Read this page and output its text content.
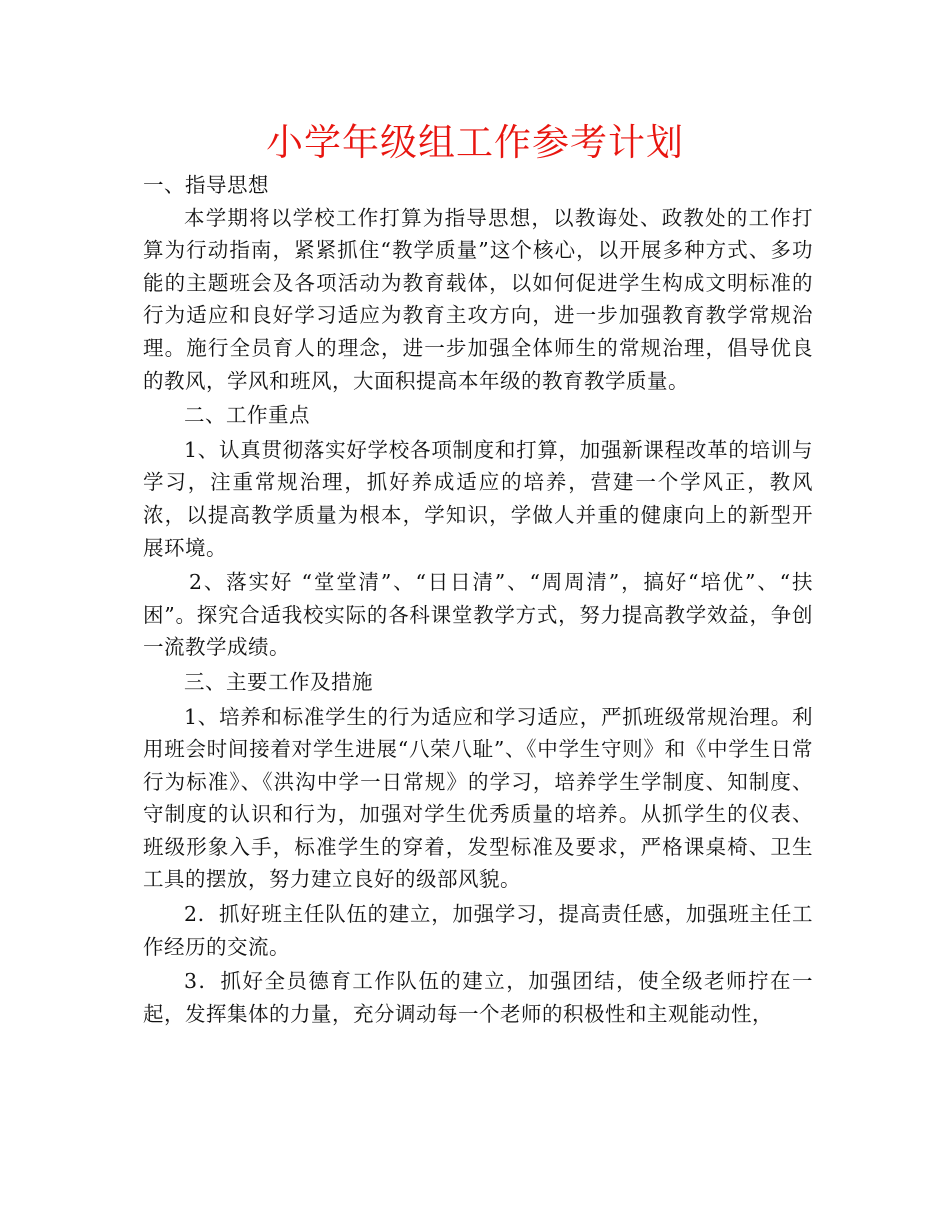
小学年级组工作参考计划

一、指导思想

本学期将以学校工作打算为指导思想，以教诲处、政教处的工作打算为行动指南，紧紧抓住“教学质量”这个核心，以开展多种方式、多功能的主题班会及各项活动为教育载体，以如何促进学生构成文明标准的行为适应和良好学习适应为教育主攻方向，进一步加强教育教学常规治理。施行全员育人的理念，进一步加强全体师生的常规治理，倡导优良的教风，学风和班风，大面积提高本年级的教育教学质量。

二、工作重点

1、认真贯彻落实好学校各项制度和打算，加强新课程改革的培训与学习，注重常规治理，抓好养成适应的培养，营建一个学风正，教风浓，以提高教学质量为根本，学知识，学做人并重的健康向上的新型开展环境。

2、落实好 “堂堂清”、“日日清”、“周周清”，搞好“培优”、“扶困”。探究合适我校实际的各科课堂教学方式，努力提高教学效益，争创一流教学成绩。

三、主要工作及措施

1、培养和标准学生的行为适应和学习适应，严抓班级常规治理。利用班会时间接着对学生进展“八荣八耻”、《中学生守则》和《中学生日常行为标准》、《洪沟中学一日常规》的学习，培养学生学制度、知制度、守制度的认识和行为，加强对学生优秀质量的培养。从抓学生的仪表、班级形象入手，标准学生的穿着，发型标准及要求，严格课桌椅、卫生工具的摆放，努力建立良好的级部风貌。

2．抓好班主任队伍的建立，加强学习，提高责任感，加强班主任工作经历的交流。

3．抓好全员德育工作队伍的建立，加强团结，使全级老师拧在一起，发挥集体的力量，充分调动每一个老师的积极性和主观能动性，
